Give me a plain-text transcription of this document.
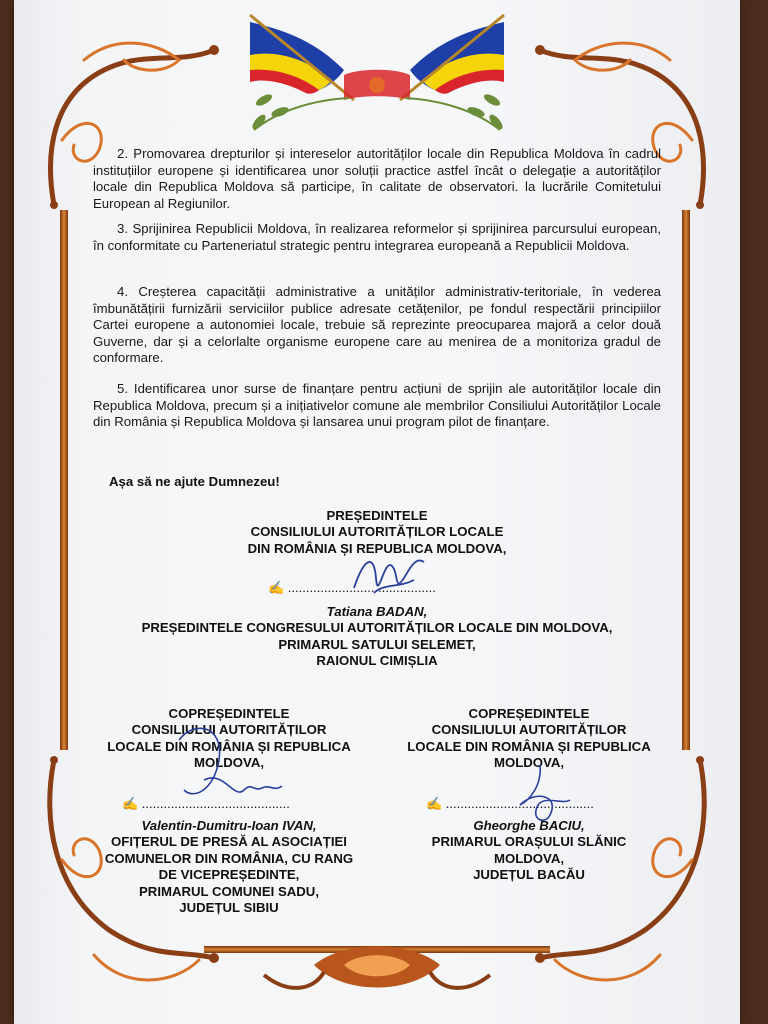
2. Promovarea drepturilor și intereselor autorităților locale din Republica Moldova în cadrul instituțiilor europene și identificarea unor soluții practice astfel încât o delegație a autorităților locale din Republica Moldova să participe, în calitate de observatori. la lucrările Comitetului European al Regiunilor.

3. Sprijinirea Republicii Moldova, în realizarea reformelor și sprijinirea parcursului european, în conformitate cu Parteneriatul strategic pentru integrarea europeană a Republicii Moldova.

4. Creșterea capacității administrative a unităților administrativ-teritoriale, în vederea îmbunătățirii furnizării serviciilor publice adresate cetățenilor, pe fondul respectării principiilor Cartei europene a autonomiei locale, trebuie să reprezinte preocuparea majoră a celor două Guverne, dar și a celorlalte organisme europene care au menirea de a monitoriza gradul de conformare.

5. Identificarea unor surse de finanțare pentru acțiuni de sprijin ale autorităților locale din Republica Moldova, precum și a inițiativelor comune ale membrilor Consiliului Autorităților Locale din România și Republica Moldova și lansarea unui program pilot de finanțare.

Așa să ne ajute Dumnezeu!

PREȘEDINTELE
CONSILIULUI AUTORITĂȚILOR LOCALE
DIN ROMÂNIA ȘI REPUBLICA MOLDOVA,
✍ .........................................
Tatiana BADAN,
PREȘEDINTELE CONGRESULUI AUTORITĂȚILOR LOCALE DIN MOLDOVA,
PRIMARUL SATULUI SELEMET,
RAIONUL CIMIȘLIA
COPREȘEDINTELE
CONSILIULUI AUTORITĂȚILOR
LOCALE DIN ROMÂNIA ȘI REPUBLICA
MOLDOVA,
✍ .........................................
Valentin-Dumitru-Ioan IVAN,
OFIȚERUL DE PRESĂ AL ASOCIAȚIEI
COMUNELOR DIN ROMÂNIA, CU RANG
DE VICEPREȘEDINTE,
PRIMARUL COMUNEI SADU,
JUDEȚUL SIBIU
COPREȘEDINTELE
CONSILIULUI AUTORITĂȚILOR
LOCALE DIN ROMÂNIA ȘI REPUBLICA
MOLDOVA,
✍ .........................................
Gheorghe BACIU,
PRIMARUL ORAȘULUI SLĂNIC
MOLDOVA,
JUDEȚUL BACĂU
